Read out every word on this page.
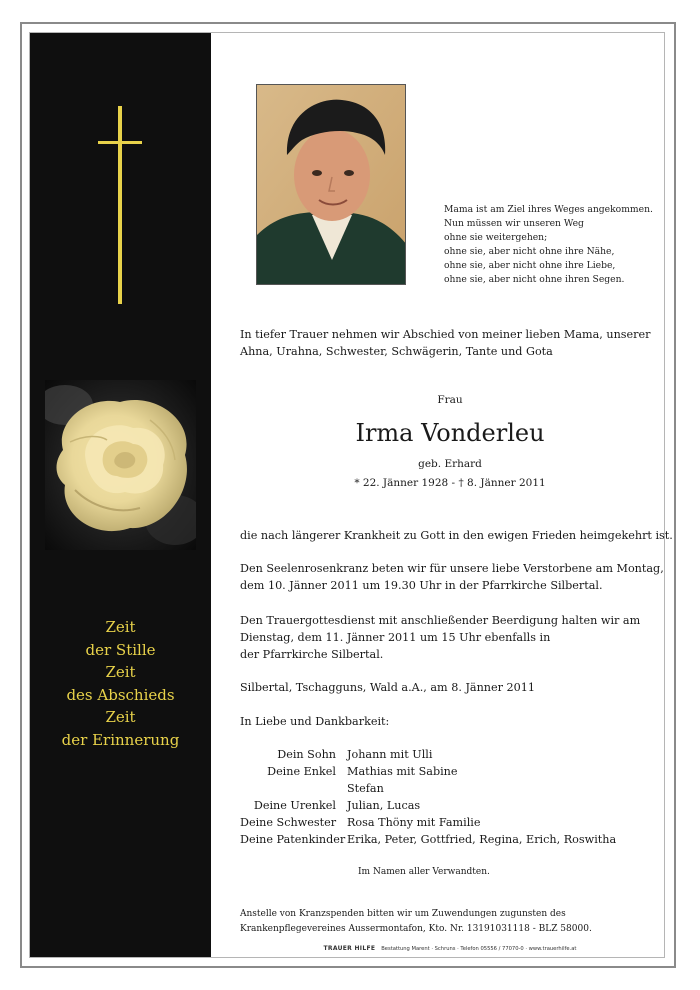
Zeit
der Stille
Zeit
des Abschieds
Zeit
der Erinnerung
Mama ist am Ziel ihres Weges angekommen.
Nun müssen wir unseren Weg
ohne sie weitergehen;
ohne sie, aber nicht ohne ihre Nähe,
ohne sie, aber nicht ohne ihre Liebe,
ohne sie, aber nicht ohne ihren Segen.

In tiefer Trauer nehmen wir Abschied von meiner lieben Mama, unserer

Ahna, Urahna, Schwester, Schwägerin, Tante und Gota

Frau
Irma Vonderleu
geb. Erhard
* 22. Jänner 1928 - † 8. Jänner 2011

die nach längerer Krankheit zu Gott in den ewigen Frieden heimgekehrt ist.

Den Seelenrosenkranz beten wir für unsere liebe Verstorbene am Montag,

dem 10. Jänner 2011 um 19.30 Uhr in der Pfarrkirche Silbertal.

Den Trauergottesdienst mit anschließender Beerdigung halten wir am

Dienstag, dem 11. Jänner 2011 um 15 Uhr ebenfalls in

der Pfarrkirche Silbertal.

Silbertal, Tschagguns, Wald a.A., am 8. Jänner 2011

In Liebe und Dankbarkeit:

Dein Sohn Johann mit Ulli
Deine Enkel Mathias mit Sabine
Stefan
Deine Urenkel Julian, Lucas
Deine Schwester Rosa Thöny mit Familie
Deine Patenkinder Erika, Peter, Gottfried, Regina, Erich, Roswitha
Im Namen aller Verwandten.
Anstelle von Kranzspenden bitten wir um Zuwendungen zugunsten des
Krankenpflegevereines Aussermontafon, Kto. Nr. 13191031118 - BLZ 58000.
TRAUER HILFE Bestattung Marent · Schruns · Telefon 05556 / 77070-0 · www.trauerhilfe.at
